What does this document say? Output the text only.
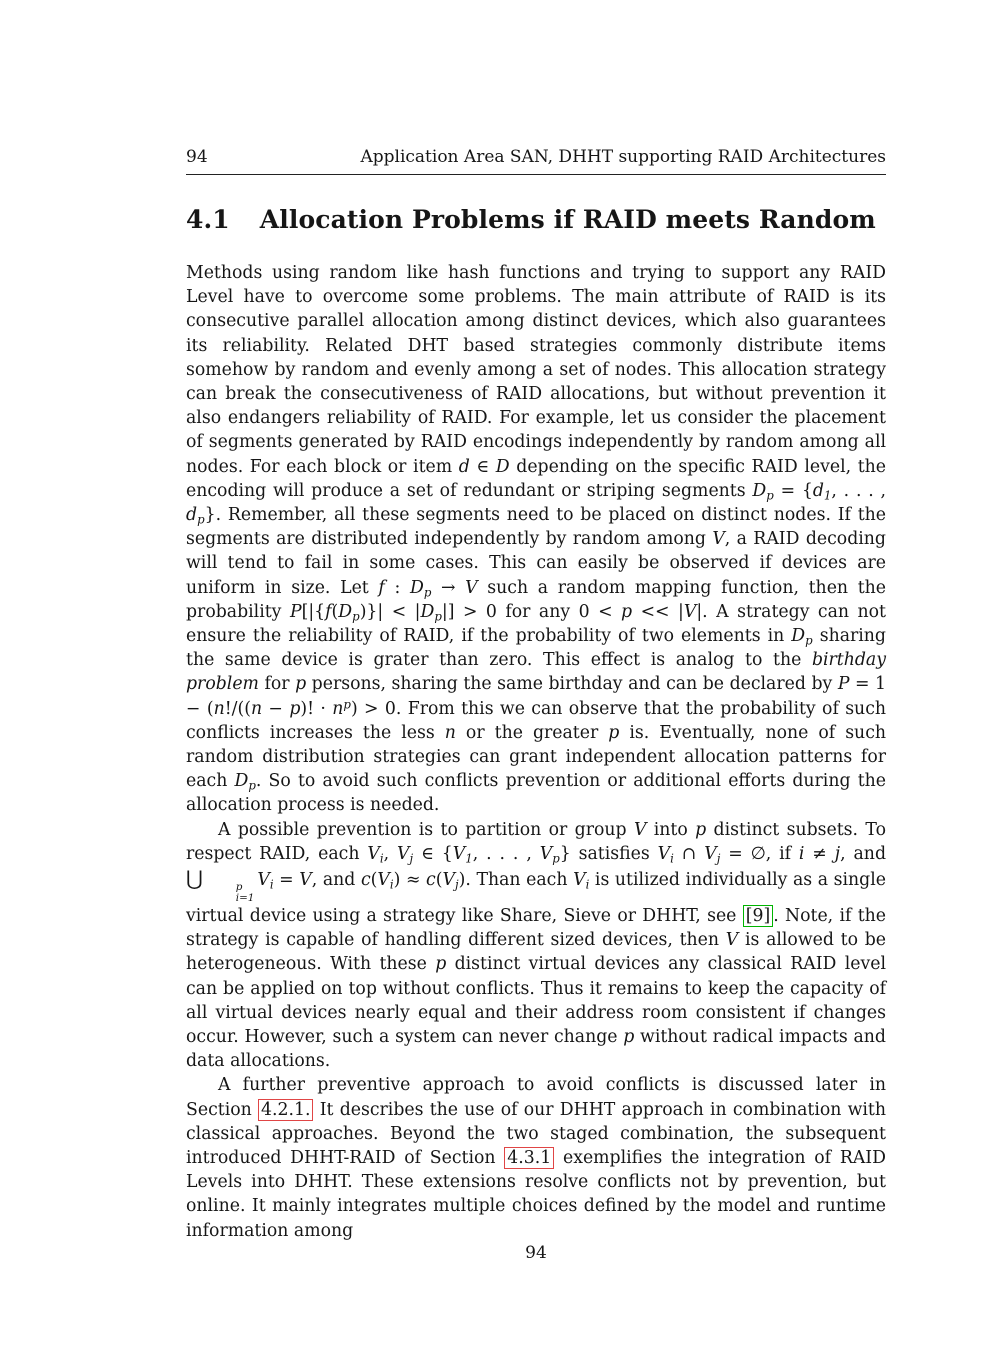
94	Application Area SAN, DHHT supporting RAID Architectures
4.1 Allocation Problems if RAID meets Random

Methods using random like hash functions and trying to support any RAID Level have to overcome some problems. The main attribute of RAID is its consecutive parallel allocation among distinct devices, which also guarantees its reliability. Related DHT based strategies commonly distribute items somehow by random and evenly among a set of nodes. This allocation strategy can break the consecutiveness of RAID allocations, but without prevention it also endangers reliability of RAID. For example, let us consider the placement of segments generated by RAID encodings independently by random among all nodes. For each block or item d ∈ D depending on the specific RAID level, the encoding will produce a set of redundant or striping segments $D_p = \{d_1$, . . . , $d_p$}. Remember, all these segments need to be placed on distinct nodes. If the segments are distributed independently by random among V, a RAID decoding will tend to fail in some cases. This can easily be observed if devices are uniform in size. Let f : $D_p \to V$ such a random mapping function, then the probability $P[|\{f(D_p)\}| < |D_p|] > 0$ for any 0 < p << |V|. A strategy can not ensure the reliability of RAID, if the probability of two elements in $D_p$ sharing the same device is grater than zero. This effect is analog to the birthday problem for p persons, sharing the same birthday and can be declared by P = 1 − (n!/((n − p)! · $n^p) > 0$. From this we can observe that the probability of such conflicts increases the less n or the greater p is. Eventually, none of such random distribution strategies can grant independent allocation patterns for each $D_p$. So to avoid such conflicts prevention or additional efforts during the allocation process is needed.

A possible prevention is to partition or group V into p distinct subsets. To respect RAID, each $V_i$, $V_j$ ∈ {$V_1$, . . . , $V_p$} satisfies $V_i$ ∩ $V_j$ = ∅, if i ≠ j, and ⋃	p
i=1
$V_i = V$, and $c(V_i) \approx c(V_j)$. Than each $V_i$ is utilized individually as a single virtual device using a strategy like Share, Sieve or DHHT, see [9] . Note, if the strategy is capable of handling different sized devices, then V is allowed to be heterogeneous. With these p distinct virtual devices any classical RAID level can be applied on top without conflicts. Thus it remains to keep the capacity of all virtual devices nearly equal and their address room consistent if changes occur. However, such a system can never change p without radical impacts and data allocations.

A further preventive approach to avoid conflicts is discussed later in Section 4.2.1. It describes the use of our DHHT approach in combination with classical approaches. Beyond the two staged combination, the subsequent introduced DHHT-RAID of Section 4.3.1 exemplifies the integration of RAID Levels into DHHT. These extensions resolve conflicts not by prevention, but online. It mainly integrates multiple choices defined by the model and runtime information among

94
